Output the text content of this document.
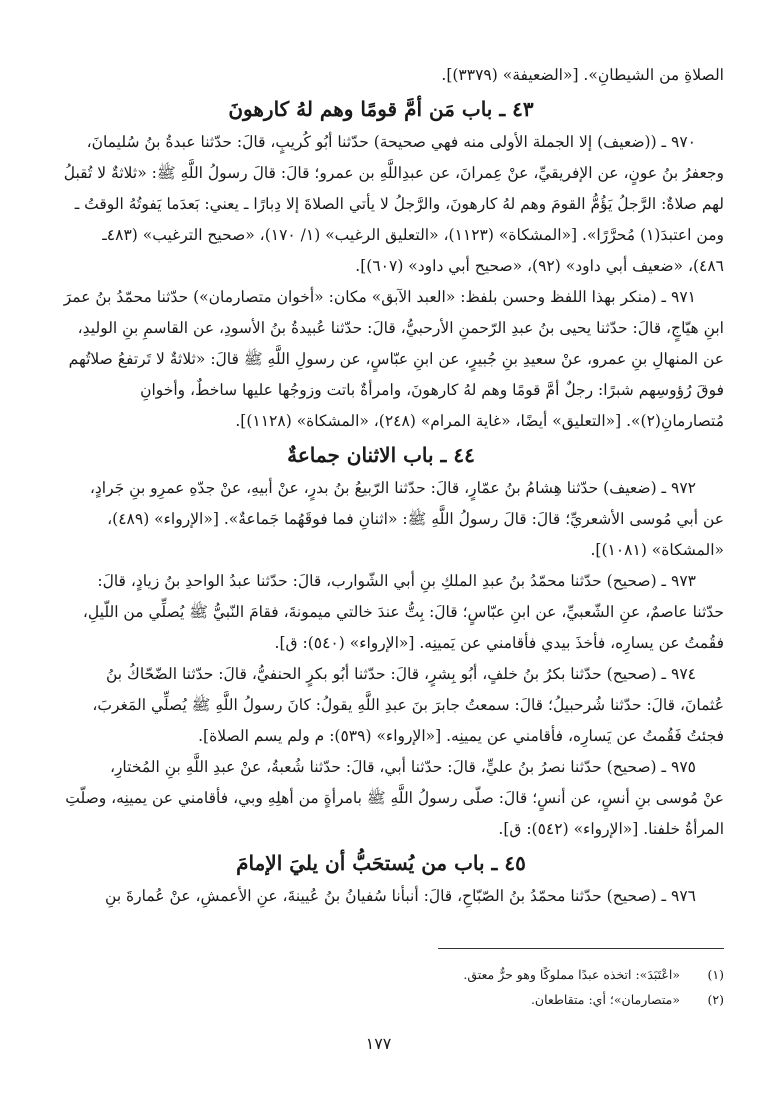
الصلاةِ من الشيطانِ». [«الضعيفة» (٣٣٧٩)].
٤٣ ـ باب مَن أمَّ قومًا وهم لهُ كارهونَ
٩٧٠ ـ ((ضعيف) إلا الجملة الأولى منه فهي صحيحة) حدّثنا أبُو كُريبٍ، قالَ: حدّثنا عبدةُ بنُ سُليمانَ،
وجعفرُ بنُ عونٍ، عن الإفريقيِّ، عنْ عِمرانَ، عن عبدِاللَّهِ بن عمرو؛ قالَ: قالَ رسولُ اللَّهِ ﷺ: «ثلاثةٌ لا تُقبلُ
لهم صلاةٌ: الرَّجلُ يَؤُمُّ القومَ وهم لهُ كارهونَ، والرَّجلُ لا يأتي الصلاةَ إلا دِبارًا ـ يعني: بَعدَما يَفوتُهُ الوقتُ ـ
ومن اعتبدَ(١) مُحرَّرًا». [«المشكاة» (١١٢٣)، «التعليق الرغيب» (١/ ١٧٠)، «صحيح الترغيب» (٤٨٣ـ
٤٨٦)، «ضعيف أبي داود» (٩٢)، «صحيح أبي داود» (٦٠٧)].
٩٧١ ـ (منكر بهذا اللفظ وحسن بلفظ: «العبد الآبق» مكان: «أخوان متصارمان») حدّثنا محمّدُ بنُ عمرَ
ابنِ هيّاجٍ، قالَ: حدّثنا يحيى بنُ عبدِ الرّحمنِ الأرحبيُّ، قالَ: حدّثنا عُبيدةُ بنُ الأسودِ، عن القاسمِ بنِ الوليدِ،
عن المنهالِ بنِ عمرو، عنْ سعيدِ بنِ جُبيرٍ، عن ابنِ عبّاسٍ، عن رسولِ اللَّهِ ﷺ قالَ: «ثلاثةٌ لا تَرتفعُ صلاتُهم
فوقَ رُؤوسِهم شبرًا: رجلٌ أمَّ قومًا وهم لهُ كارهونَ، وامرأةٌ باتت وزوجُها عليها ساخطٌ، وأخوانِ
مُتصارمانِ(٢)». [«التعليق» أيضًا، «غاية المرام» (٢٤٨)، «المشكاة» (١١٢٨)].
٤٤ ـ باب الاثنان جماعةٌ
٩٧٢ ـ (ضعيف) حدّثنا هِشامُ بنُ عمّارٍ، قالَ: حدّثنا الرّبيعُ بنُ بدرٍ، عنْ أبيهِ، عنْ جدّهِ عمرِو بنِ جَرادٍ،
عن أبي مُوسى الأشعريِّ؛ قالَ: قالَ رسولُ اللَّهِ ﷺ: «اثنانِ فما فوقَهُما جَماعةٌ». [«الإرواء» (٤٨٩)،
«المشكاة» (١٠٨١)].
٩٧٣ ـ (صحيح) حدّثنا محمّدُ بنُ عبدِ الملكِ بنِ أبي الشّوارب، قالَ: حدّثنا عبدُ الواحدِ بنُ زيادٍ، قالَ:
حدّثنا عاصمٌ، عنِ الشّعبيِّ، عن ابنِ عبّاسٍ؛ قالَ: بِتُّ عندَ خالتي ميمونةَ، فقامَ النّبيُّ ﷺ يُصلِّي من اللّيلِ،
فقُمتُ عن يسارِه، فأخذَ بيدي فأقامني عن يَمينِه. [«الإرواء» (٥٤٠): ق].
٩٧٤ ـ (صحيح) حدّثنا بكرُ بنُ خلفٍ، أبُو بِشرٍ، قالَ: حدّثنا أبُو بكرٍ الحنفيُّ، قالَ: حدّثنا الضّحّاكُ بنُ
عُثمانَ، قالَ: حدّثنا شُرحبيلُ؛ قالَ: سمعتُ جابرَ بنَ عبدِ اللَّهِ يقولُ: كانَ رسولُ اللَّهِ ﷺ يُصلِّي المَغربَ،
فجئتُ فَقُمتُ عن يَسارِه، فأقامني عن يمينِه. [«الإرواء» (٥٣٩): م ولم يسم الصلاة].
٩٧٥ ـ (صحيح) حدّثنا نصرُ بنُ عليٍّ، قالَ: حدّثنا أبي، قالَ: حدّثنا شُعبةُ، عنْ عبدِ اللَّهِ بنِ المُختارِ،
عنْ مُوسى بنِ أنسٍ، عن أنسٍ؛ قالَ: صلّى رسولُ اللَّهِ ﷺ بامرأةٍ من أهلِهِ وبي، فأقامني عن يمينِه، وصلّتِ
المرأةُ خلفنا. [«الإرواء» (٥٤٢): ق].
٤٥ ـ باب من يُستحَبُّ أن يليَ الإمامَ
٩٧٦ ـ (صحيح) حدّثنا محمّدُ بنُ الصّبّاحِ، قالَ: أنبأنا سُفيانُ بنُ عُيينةَ، عنِ الأعمشِ، عنْ عُمارةَ بنِ
(١) «اعْتَبَدَ»: اتخذه عبدًا مملوكًا وهو حرٌّ معتق.
(٢) «متصارمان»؛ أي: متقاطعان.
١٧٧
